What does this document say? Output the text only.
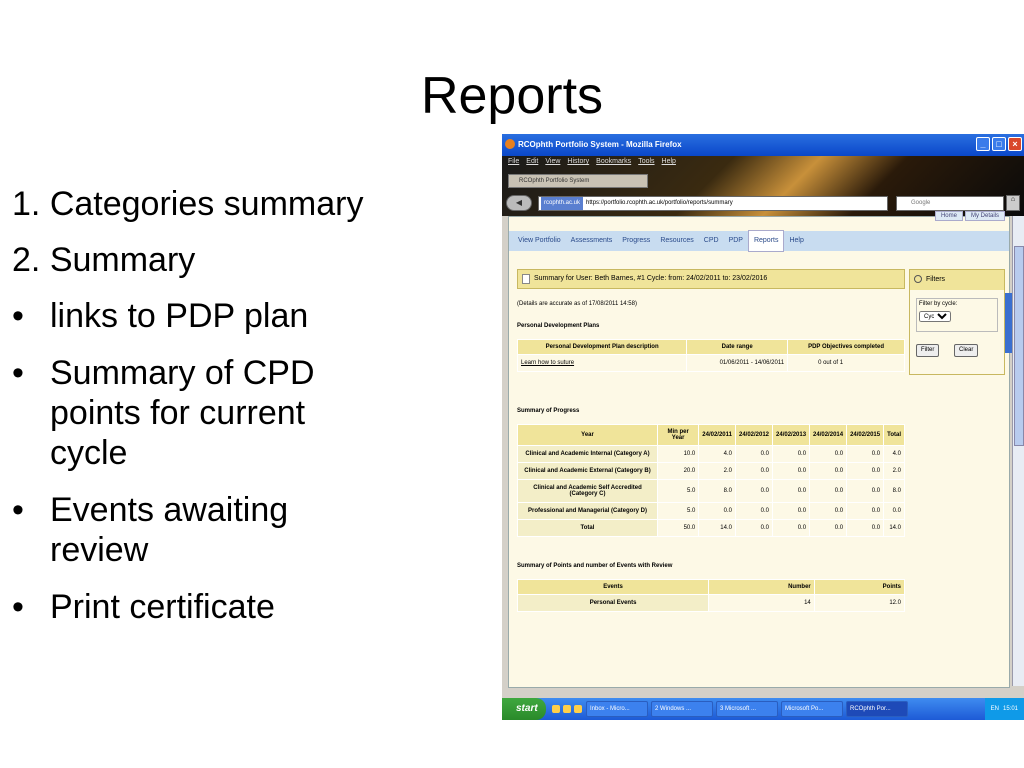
Reports
1. Categories summary
2. Summary
• links to PDP plan
• Summary of CPD points for current cycle
• Events awaiting review
• Print certificate
RCOphth Portfolio System - Mozilla Firefox	_	□	×
File Edit View History Bookmarks Tools Help
RCOphth Portfolio System
◀	rcophth.ac.uk https://portfolio.rcophth.ac.uk/portfolio/reports/summary	Google	⌂
Home	My Details
View Portfolio	Assessments	Progress	Resources	CPD	PDP	Reports	Help
Summary for User: Beth Barnes, #1 Cycle: from: 24/02/2011 to: 23/02/2016
(Details are accurate as of 17/08/2011 14:58)
Personal Development Plans
Personal Development Plan description	Date range	PDP Objectives completed
Learn how to suture	01/06/2011 - 14/06/2011	0 out of 1
Summary of Progress
Year	Min per Year	24/02/2011	24/02/2012	24/02/2013	24/02/2014	24/02/2015	Total
Clinical and Academic Internal (Category A)	10.0	4.0	0.0	0.0	0.0	0.0	4.0
Clinical and Academic External (Category B)	20.0	2.0	0.0	0.0	0.0	0.0	2.0
Clinical and Academic Self Accredited (Category C)	5.0	8.0	0.0	0.0	0.0	0.0	8.0
Professional and Managerial (Category D)	5.0	0.0	0.0	0.0	0.0	0.0	0.0
Total	50.0	14.0	0.0	0.0	0.0	0.0	14.0
Summary of Points and number of Events with Review
Events	Number	Points
Personal Events	14	12.0
Filters
Filter by cycle:
Cycle: 1
Filter	Clear
start	Inbox - Micro...	2 Windows ...	3 Microsoft ...	Microsoft Po...	RCOphth Por...	EN 15:01
